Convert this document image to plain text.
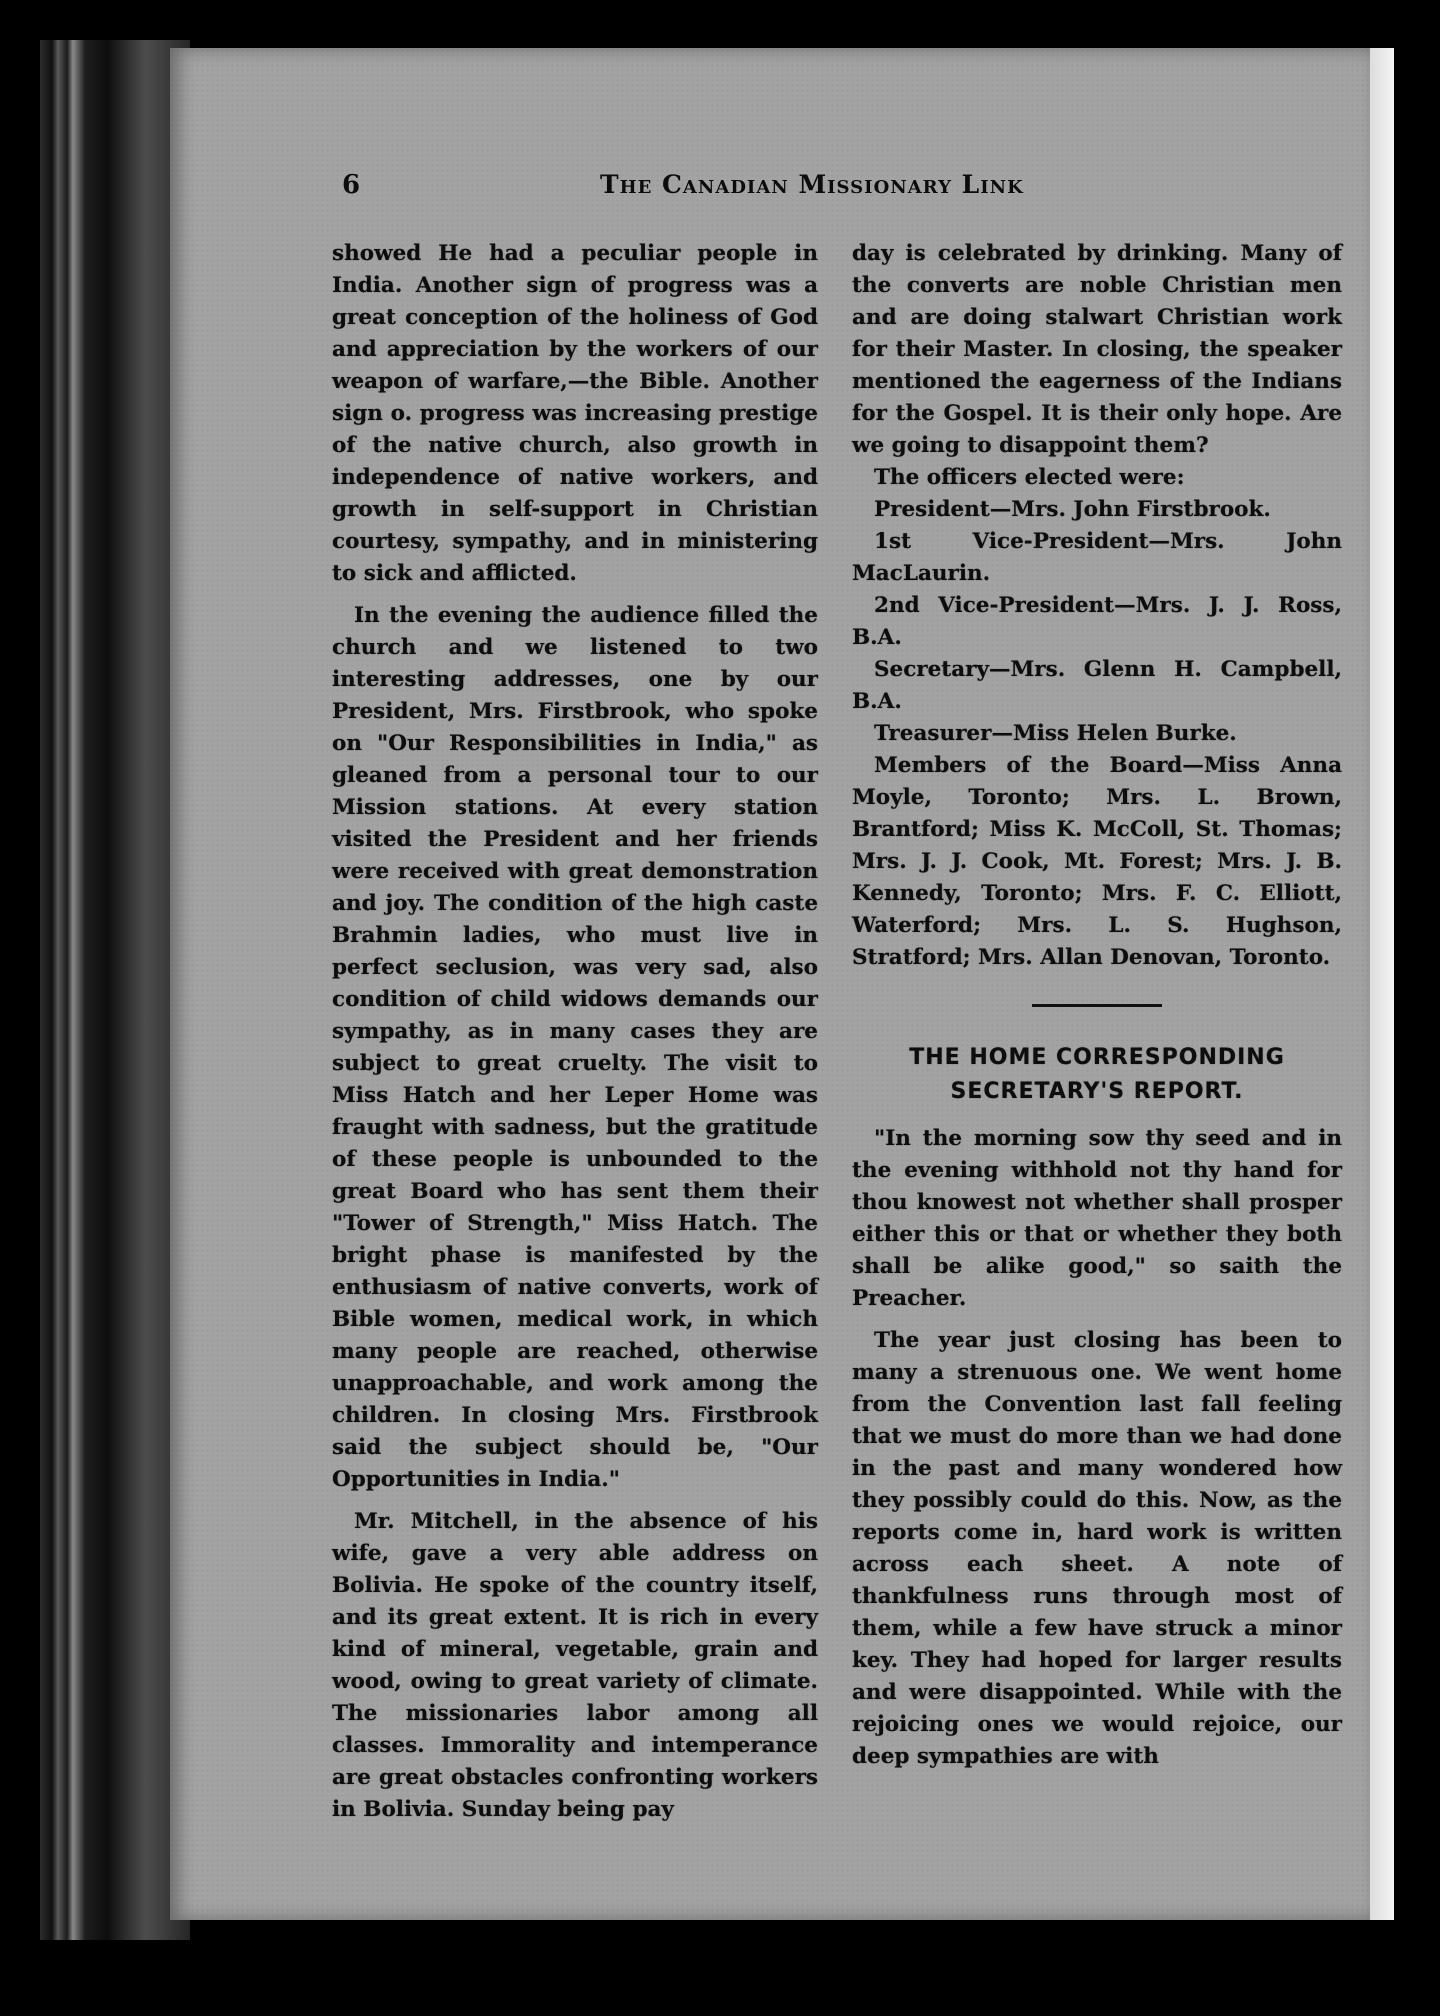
6	The Canadian Missionary Link

showed He had a peculiar people in India. Another sign of progress was a great conception of the holiness of God and appreciation by the workers of our weapon of warfare,—the Bible. Another sign o. progress was increasing prestige of the native church, also growth in independence of native workers, and growth in self-support in Christian courtesy, sympathy, and in ministering to sick and afflicted.

In the evening the audience filled the church and we listened to two interesting addresses, one by our President, Mrs. Firstbrook, who spoke on "Our Responsibilities in India," as gleaned from a personal tour to our Mission stations. At every station visited the President and her friends were received with great demonstration and joy. The condition of the high caste Brahmin ladies, who must live in perfect seclusion, was very sad, also condition of child widows demands our sympathy, as in many cases they are subject to great cruelty. The visit to Miss Hatch and her Leper Home was fraught with sadness, but the gratitude of these people is unbounded to the great Board who has sent them their "Tower of Strength," Miss Hatch. The bright phase is manifested by the enthusiasm of native converts, work of Bible women, medical work, in which many people are reached, otherwise unapproachable, and work among the children. In closing Mrs. Firstbrook said the subject should be, "Our Opportunities in India."

Mr. Mitchell, in the absence of his wife, gave a very able address on Bolivia. He spoke of the country itself, and its great extent. It is rich in every kind of mineral, vegetable, grain and wood, owing to great variety of climate. The missionaries labor among all classes. Immorality and intemperance are great obstacles confronting workers in Bolivia. Sunday being pay

day is celebrated by drinking. Many of the converts are noble Christian men and are doing stalwart Christian work for their Master. In closing, the speaker mentioned the eagerness of the Indians for the Gospel. It is their only hope. Are we going to disappoint them?

The officers elected were:

President—Mrs. John Firstbrook.

1st Vice-President—Mrs. John MacLaurin.

2nd Vice-President—Mrs. J. J. Ross, B.A.

Secretary—Mrs. Glenn H. Campbell, B.A.

Treasurer—Miss Helen Burke.

Members of the Board—Miss Anna Moyle, Toronto; Mrs. L. Brown, Brantford; Miss K. McColl, St. Thomas; Mrs. J. J. Cook, Mt. Forest; Mrs. J. B. Kennedy, Toronto; Mrs. F. C. Elliott, Waterford; Mrs. L. S. Hughson, Stratford; Mrs. Allan Denovan, Toronto.

THE HOME CORRESPONDING
SECRETARY'S REPORT.

"In the morning sow thy seed and in the evening withhold not thy hand for thou knowest not whether shall prosper either this or that or whether they both shall be alike good," so saith the Preacher.

The year just closing has been to many a strenuous one. We went home from the Convention last fall feeling that we must do more than we had done in the past and many wondered how they possibly could do this. Now, as the reports come in, hard work is written across each sheet. A note of thankfulness runs through most of them, while a few have struck a minor key. They had hoped for larger results and were disappointed. While with the rejoicing ones we would rejoice, our deep sympathies are with
